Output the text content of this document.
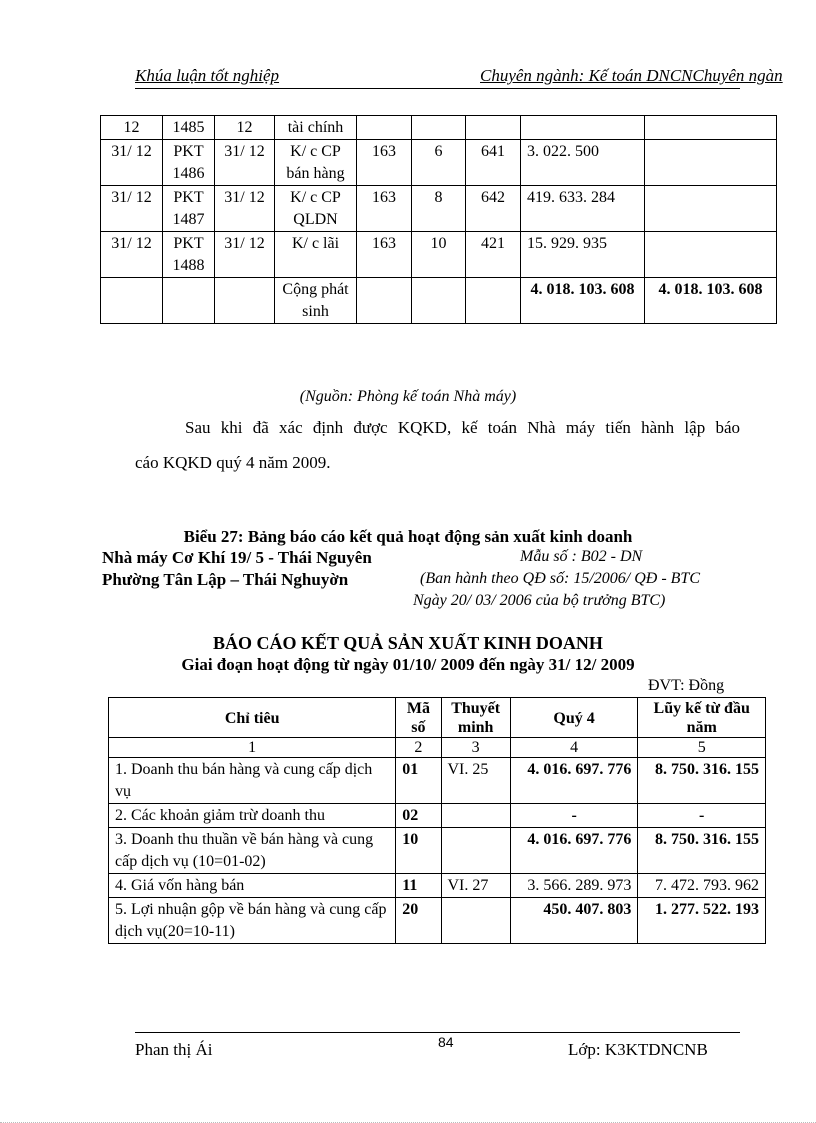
Khúa luận tốt nghiệp	Chuyên ngành: Kế toán DNCNChuyên ngàn
12	1485	12	tài chính					
31/ 12	PKT 1486	31/ 12	K/ c CP bán hàng	163	6	641	3. 022. 500	
31/ 12	PKT 1487	31/ 12	K/ c CP QLDN	163	8	642	419. 633. 284	
31/ 12	PKT 1488	31/ 12	K/ c lãi	163	10	421	15. 929. 935	
			Cộng phát sinh				4. 018. 103. 608	4. 018. 103. 608
(Nguồn: Phòng kế toán Nhà máy)
Sau khi đã xác định được KQKD, kế toán Nhà máy tiến hành lập báo
cáo KQKD quý 4 năm 2009.
Biểu 27: Bảng báo cáo kết quả hoạt động sản xuất kinh doanh
Nhà máy Cơ Khí 19/ 5 - Thái Nguyên
Phường Tân Lập – Thái Nghuyờn
Mẫu số : B02 - DN
(Ban hành theo QĐ số: 15/2006/ QĐ - BTC
Ngày 20/ 03/ 2006 của bộ trưởng BTC)
BÁO CÁO KẾT QUẢ SẢN XUẤT KINH DOANH
Giai đoạn hoạt động từ ngày 01/10/ 2009 đến ngày 31/ 12/ 2009
ĐVT: Đồng
Chỉ tiêu	Mã số	Thuyết minh	Quý 4	Lũy kế từ đầu năm
1	2	3	4	5
1. Doanh thu bán hàng và cung cấp dịch vụ	01	VI. 25	4. 016. 697. 776	8. 750. 316. 155
2. Các khoản giảm trừ doanh thu	02		-	-
3. Doanh thu thuần về bán hàng và cung cấp dịch vụ (10=01-02)	10		4. 016. 697. 776	8. 750. 316. 155
4. Giá vốn hàng bán	11	VI. 27	3. 566. 289. 973	7. 472. 793. 962
5. Lợi nhuận gộp về bán hàng và cung cấp dịch vụ(20=10-11)	20		450. 407. 803	1. 277. 522. 193
Phan thị Ái	84	Lớp: K3KTDNCNB
